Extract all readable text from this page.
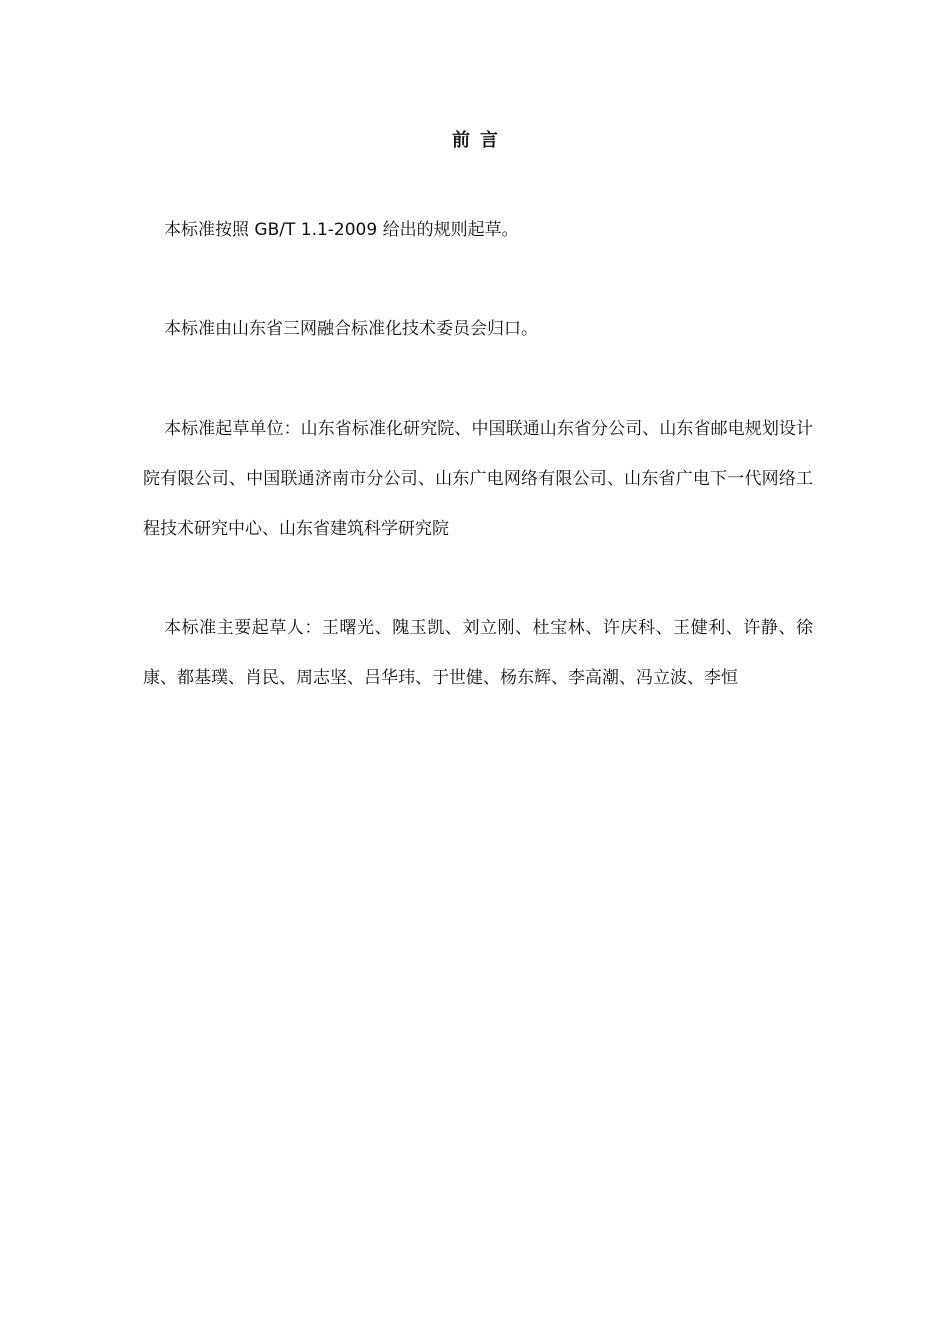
前言

本标准按照 GB/T 1.1-2009 给出的规则起草。

本标准由山东省三网融合标准化技术委员会归口。

本标准起草单位：山东省标准化研究院、中国联通山东省分公司、山东省邮电规划设计院有限公司、中国联通济南市分公司、山东广电网络有限公司、山东省广电下一代网络工程技术研究中心、山东省建筑科学研究院

本标准主要起草人：王曙光、隗玉凯、刘立刚、杜宝林、许庆科、王健利、许静、徐康、都基璞、肖民、周志坚、吕华玮、于世健、杨东辉、李高潮、冯立波、李恒
